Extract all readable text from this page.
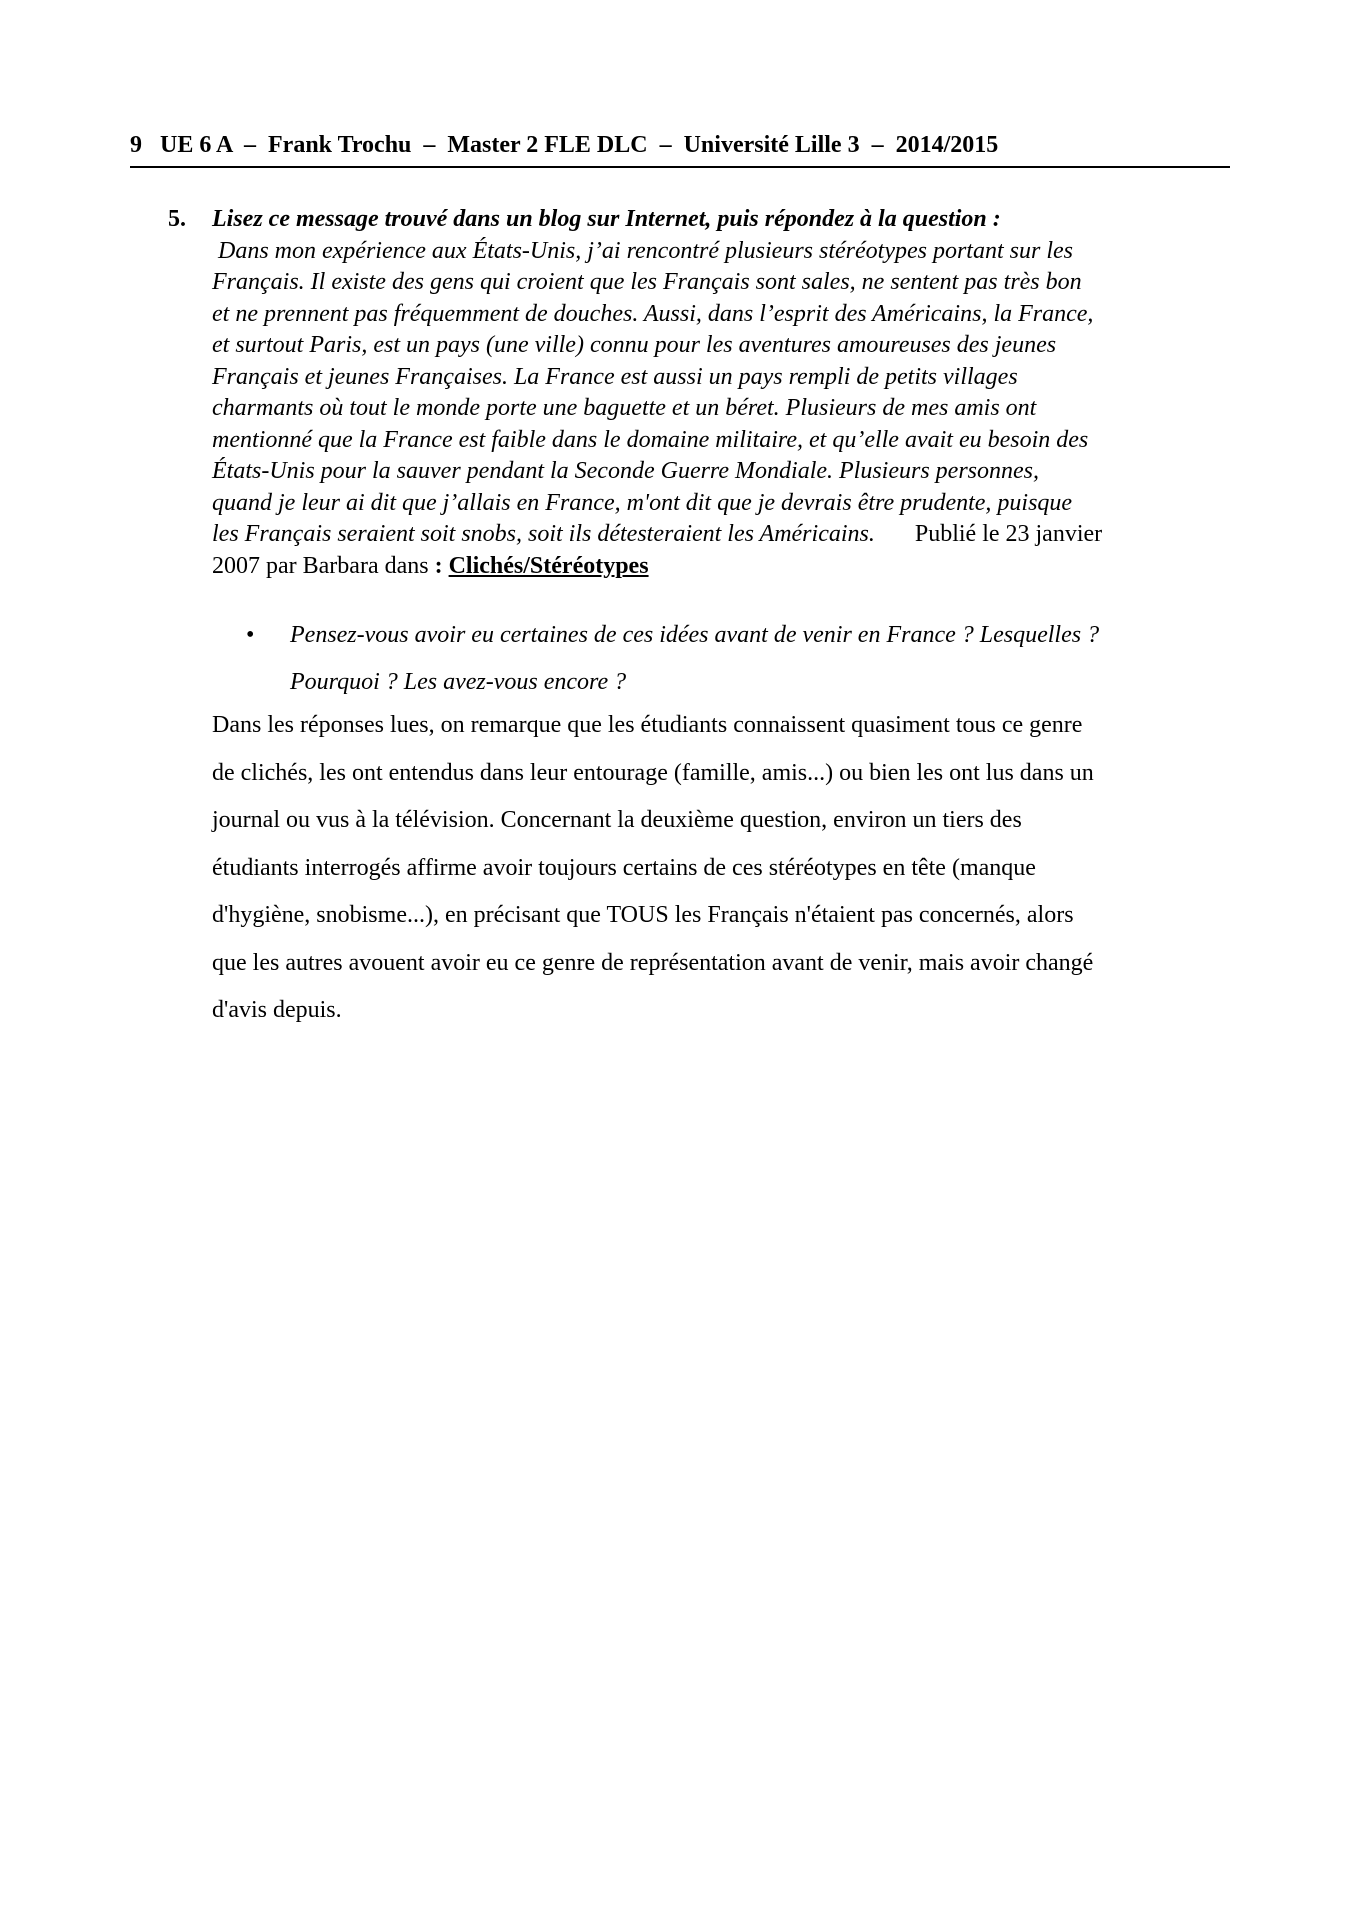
9   UE 6 A  –  Frank Trochu  –  Master 2 FLE DLC  –  Université Lille 3  –  2014/2015
5. Lisez ce message trouvé dans un blog sur Internet, puis répondez à la question :

Dans mon expérience aux États-Unis, j’ai rencontré plusieurs stéréotypes portant sur les

Français. Il existe des gens qui croient que les Français sont sales, ne sentent pas très bon

et ne prennent pas fréquemment de douches. Aussi, dans l’esprit des Américains, la France,

et surtout Paris, est un pays (une ville) connu pour les aventures amoureuses des jeunes

Français et jeunes Françaises. La France est aussi un pays rempli de petits villages

charmants où tout le monde porte une baguette et un béret. Plusieurs de mes amis ont

mentionné que la France est faible dans le domaine militaire, et qu’elle avait eu besoin des

États-Unis pour la sauver pendant la Seconde Guerre Mondiale. Plusieurs personnes,

quand je leur ai dit que j’allais en France, m'ont dit que je devrais être prudente, puisque

les Français seraient soit snobs, soit ils détesteraient les Américains. Publié le 23 janvier

2007 par Barbara dans : Clichés/Stéréotypes

• Pensez-vous avoir eu certaines de ces idées avant de venir en France ? Lesquelles ?

Pourquoi ? Les avez-vous encore ?

Dans les réponses lues, on remarque que les étudiants connaissent quasiment tous ce genre

de clichés, les ont entendus dans leur entourage (famille, amis...) ou bien les ont lus dans un

journal ou vus à la télévision. Concernant la deuxième question, environ un tiers des

étudiants interrogés affirme avoir toujours certains de ces stéréotypes en tête (manque

d'hygiène, snobisme...), en précisant que TOUS les Français n'étaient pas concernés, alors

que les autres avouent avoir eu ce genre de représentation avant de venir, mais avoir changé

d'avis depuis.
